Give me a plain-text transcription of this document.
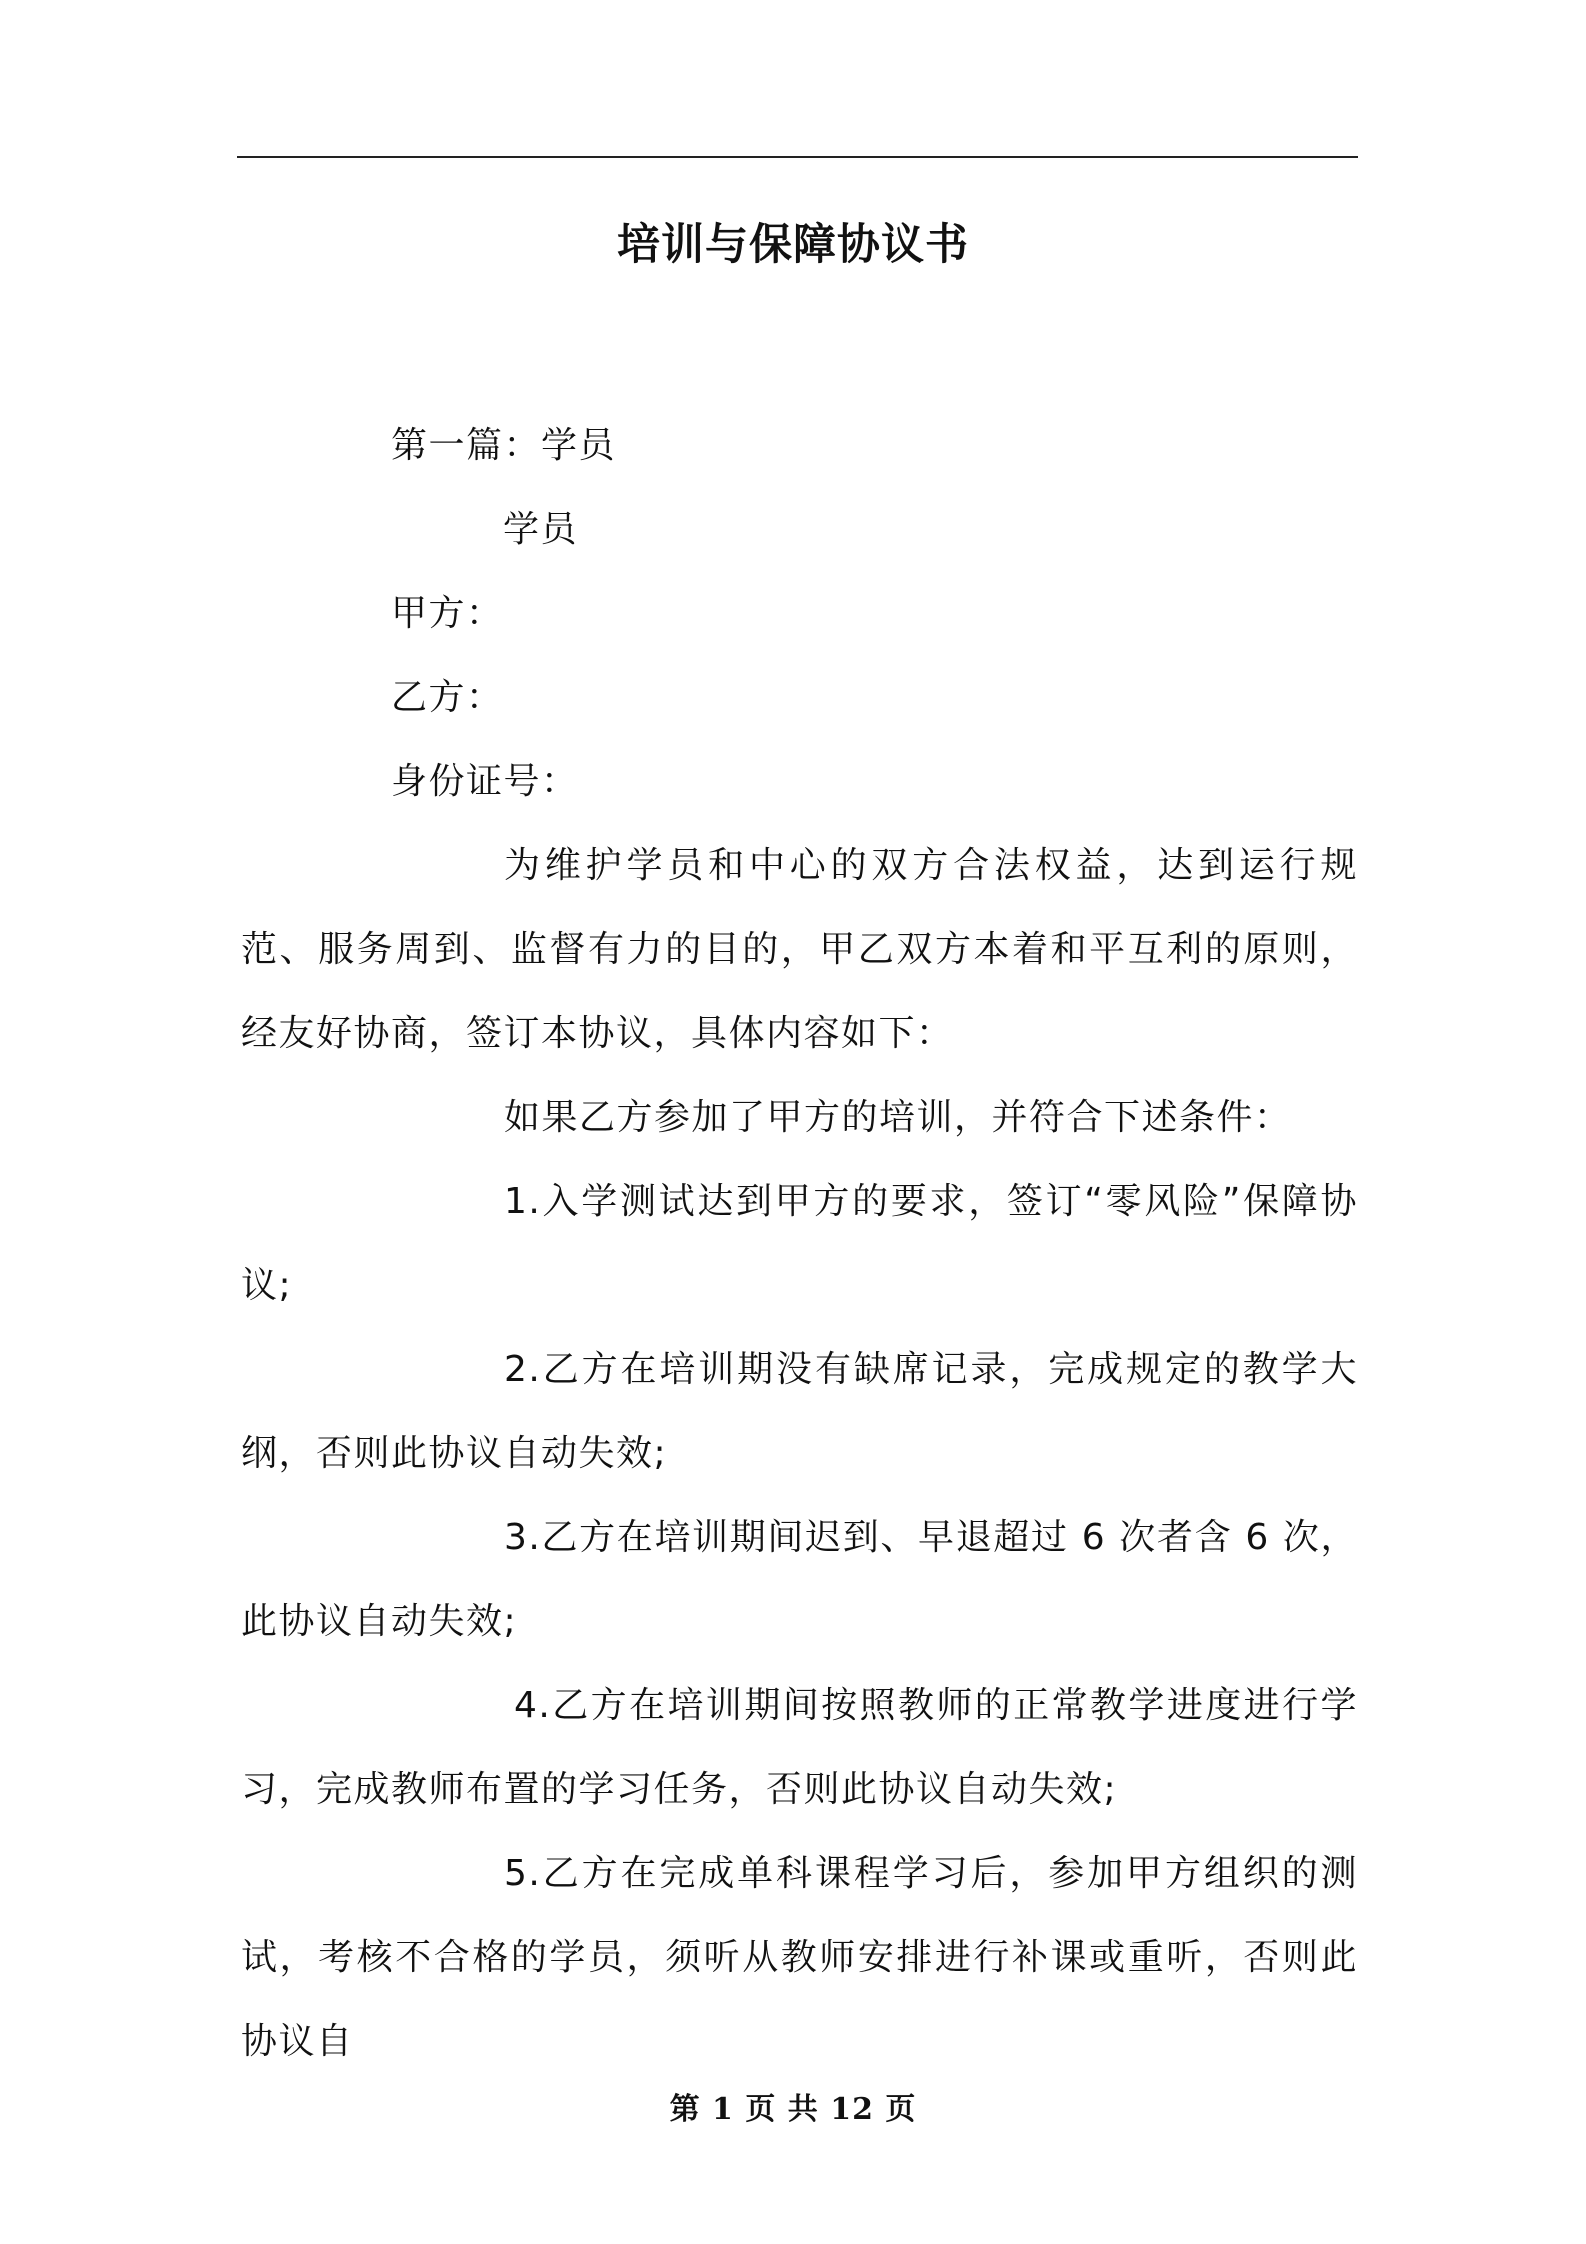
培训与保障协议书

第一篇：学员

学员

甲方：

乙方：

身份证号：

为维护学员和中心的双方合法权益，达到运行规范、服务周到、监督有力的目的，甲乙双方本着和平互利的原则，经友好协商，签订本协议，具体内容如下：

如果乙方参加了甲方的培训，并符合下述条件：

1.入学测试达到甲方的要求，签订“零风险”保障协议;

2.乙方在培训期没有缺席记录，完成规定的教学大纲，否则此协议自动失效;

3.乙方在培训期间迟到、早退超过 6 次者含 6 次，此协议自动失效;

4.乙方在培训期间按照教师的正常教学进度进行学习，完成教师布置的学习任务，否则此协议自动失效;

5.乙方在完成单科课程学习后，参加甲方组织的测试，考核不合格的学员，须听从教师安排进行补课或重听，否则此协议自

第 1 页 共 12 页
